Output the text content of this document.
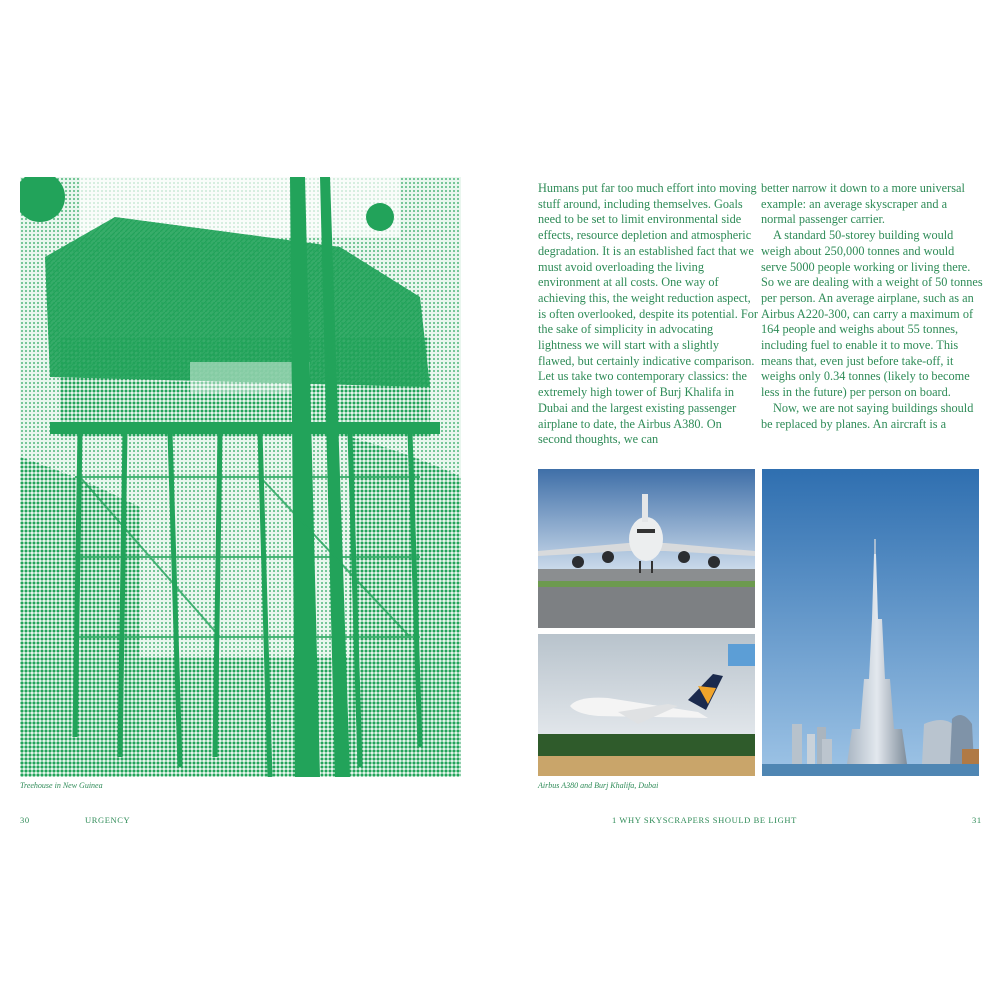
Treehouse in New Guinea

Humans put far too much effort into moving stuff around, including themselves. Goals need to be set to limit environmental side effects, resource depletion and atmospheric degradation. It is an established fact that we must avoid overloading the living environment at all costs. One way of achieving this, the weight reduction aspect, is often overlooked, despite its potential. For the sake of simplicity in advocating lightness we will start with a slightly flawed, but certainly indicative comparison. Let us take two contemporary classics: the extremely high tower of Burj Khalifa in Dubai and the largest existing passenger airplane to date, the Airbus A380. On second thoughts, we can

better narrow it down to a more universal example: an average skyscraper and a normal passenger carrier.

A standard 50-storey building would weigh about 250,000 tonnes and would serve 5000 people working or living there. So we are dealing with a weight of 50 tonnes per person. An average airplane, such as an Airbus A220-300, can carry a maximum of 164 people and weighs about 55 tonnes, including fuel to enable it to move. This means that, even just before take-off, it weighs only 0.34 tonnes (likely to become less in the future) per person on board.

Now, we are not saying buildings should be replaced by planes. An aircraft is a

Airbus A380 and Burj Khalifa, Dubai
30	URGENCY	1 WHY SKYSCRAPERS SHOULD BE LIGHT	31
